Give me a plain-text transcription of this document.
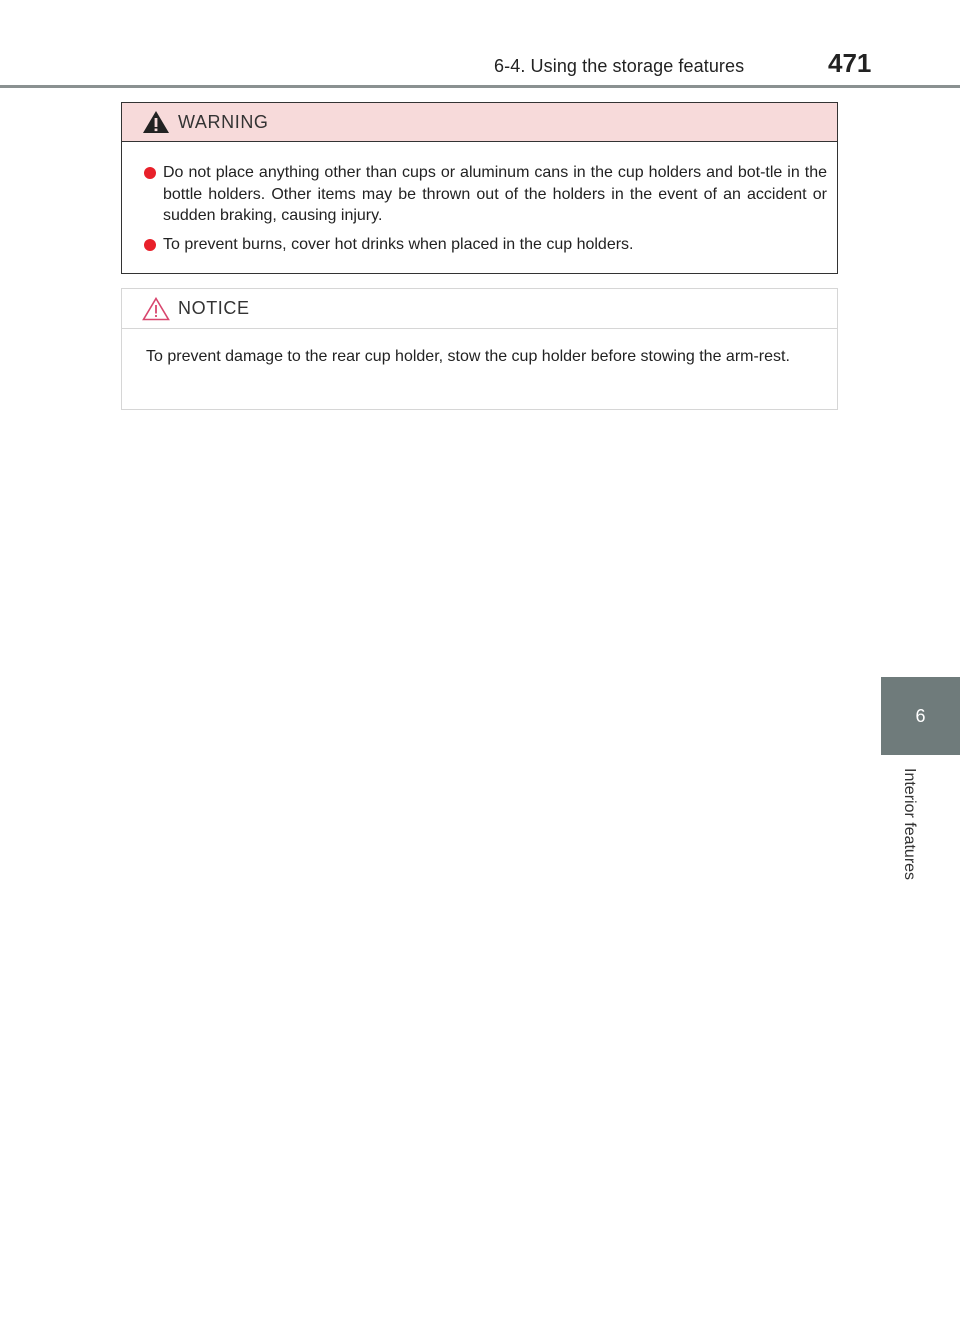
6-4. Using the storage features	471
6
Interior features
WARNING
Do not place anything other than cups or aluminum cans in the cup holders and bot-tle in the bottle holders. Other items may be thrown out of the holders in the event of an accident or sudden braking, causing injury.
To prevent burns, cover hot drinks when placed in the cup holders.
NOTICE

To prevent damage to the rear cup holder, stow the cup holder before stowing the arm-rest.
